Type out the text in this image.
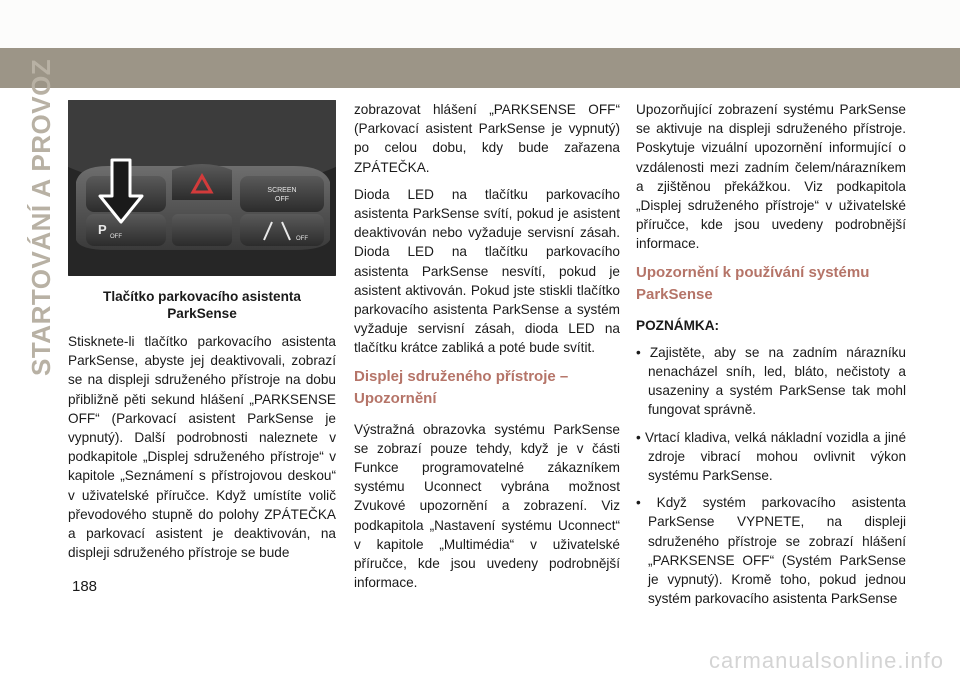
STARTOVÁNÍ A PROVOZ	SCREEN
OFF
P OFF	OFF
Tlačítko parkovacího asistenta ParkSense
Stisknete-li tlačítko parkovacího asistenta ParkSense, abyste jej deaktivovali, zobrazí se na displeji sdruženého přístroje na dobu přibližně pěti sekund hlášení „PARKSENSE OFF“ (Parkovací asistent ParkSense je vypnutý). Další podrobnosti naleznete v podkapitole „Displej sdruženého přístroje“ v kapitole „Seznámení s přístrojovou deskou“ v uživatelské příručce. Když umístíte volič převodového stupně do polohy ZPÁTEČKA a parkovací asistent je deaktivován, na displeji sdruženého přístroje se bude
zobrazovat hlášení „PARKSENSE OFF“ (Parkovací asistent ParkSense je vypnutý) po celou dobu, kdy bude zařazena ZPÁTEČKA.
Dioda LED na tlačítku parkovacího asistenta ParkSense svítí, pokud je asistent deaktivován nebo vyžaduje servisní zásah. Dioda LED na tlačítku parkovacího asistenta ParkSense nesvítí, pokud je asistent aktivován. Pokud jste stiskli tlačítko parkovacího asistenta ParkSense a systém vyžaduje servisní zásah, dioda LED na tlačítku krátce zabliká a poté bude svítit.
Displej sdruženého přístroje – Upozornění
Výstražná obrazovka systému ParkSense se zobrazí pouze tehdy, když je v části Funkce programovatelné zákazníkem systému Uconnect vybrána možnost Zvukové upozornění a zobrazení. Viz podkapitola „Nastavení systému Uconnect“ v kapitole „Multimédia“ v uživatelské příručce, kde jsou uvedeny podrobnější informace.
Upozorňující zobrazení systému ParkSense se aktivuje na displeji sdruženého přístroje. Poskytuje vizuální upozornění informující o vzdálenosti mezi zadním čelem/nárazníkem a zjištěnou překážkou. Viz podkapitola „Displej sdruženého přístroje“ v uživatelské příručce, kde jsou uvedeny podrobnější informace.
Upozornění k používání systému ParkSense
POZNÁMKA:
• Zajistěte, aby se na zadním nárazníku nenacházel sníh, led, bláto, nečistoty a usazeniny a systém ParkSense tak mohl fungovat správně.
• Vrtací kladiva, velká nákladní vozidla a jiné zdroje vibrací mohou ovlivnit výkon systému ParkSense.
• Když systém parkovacího asistenta ParkSense VYPNETE, na displeji sdruženého přístroje se zobrazí hlášení „PARKSENSE OFF“ (Systém ParkSense je vypnutý). Kromě toho, pokud jednou systém parkovacího asistenta ParkSense
188
carmanualsonline.info
